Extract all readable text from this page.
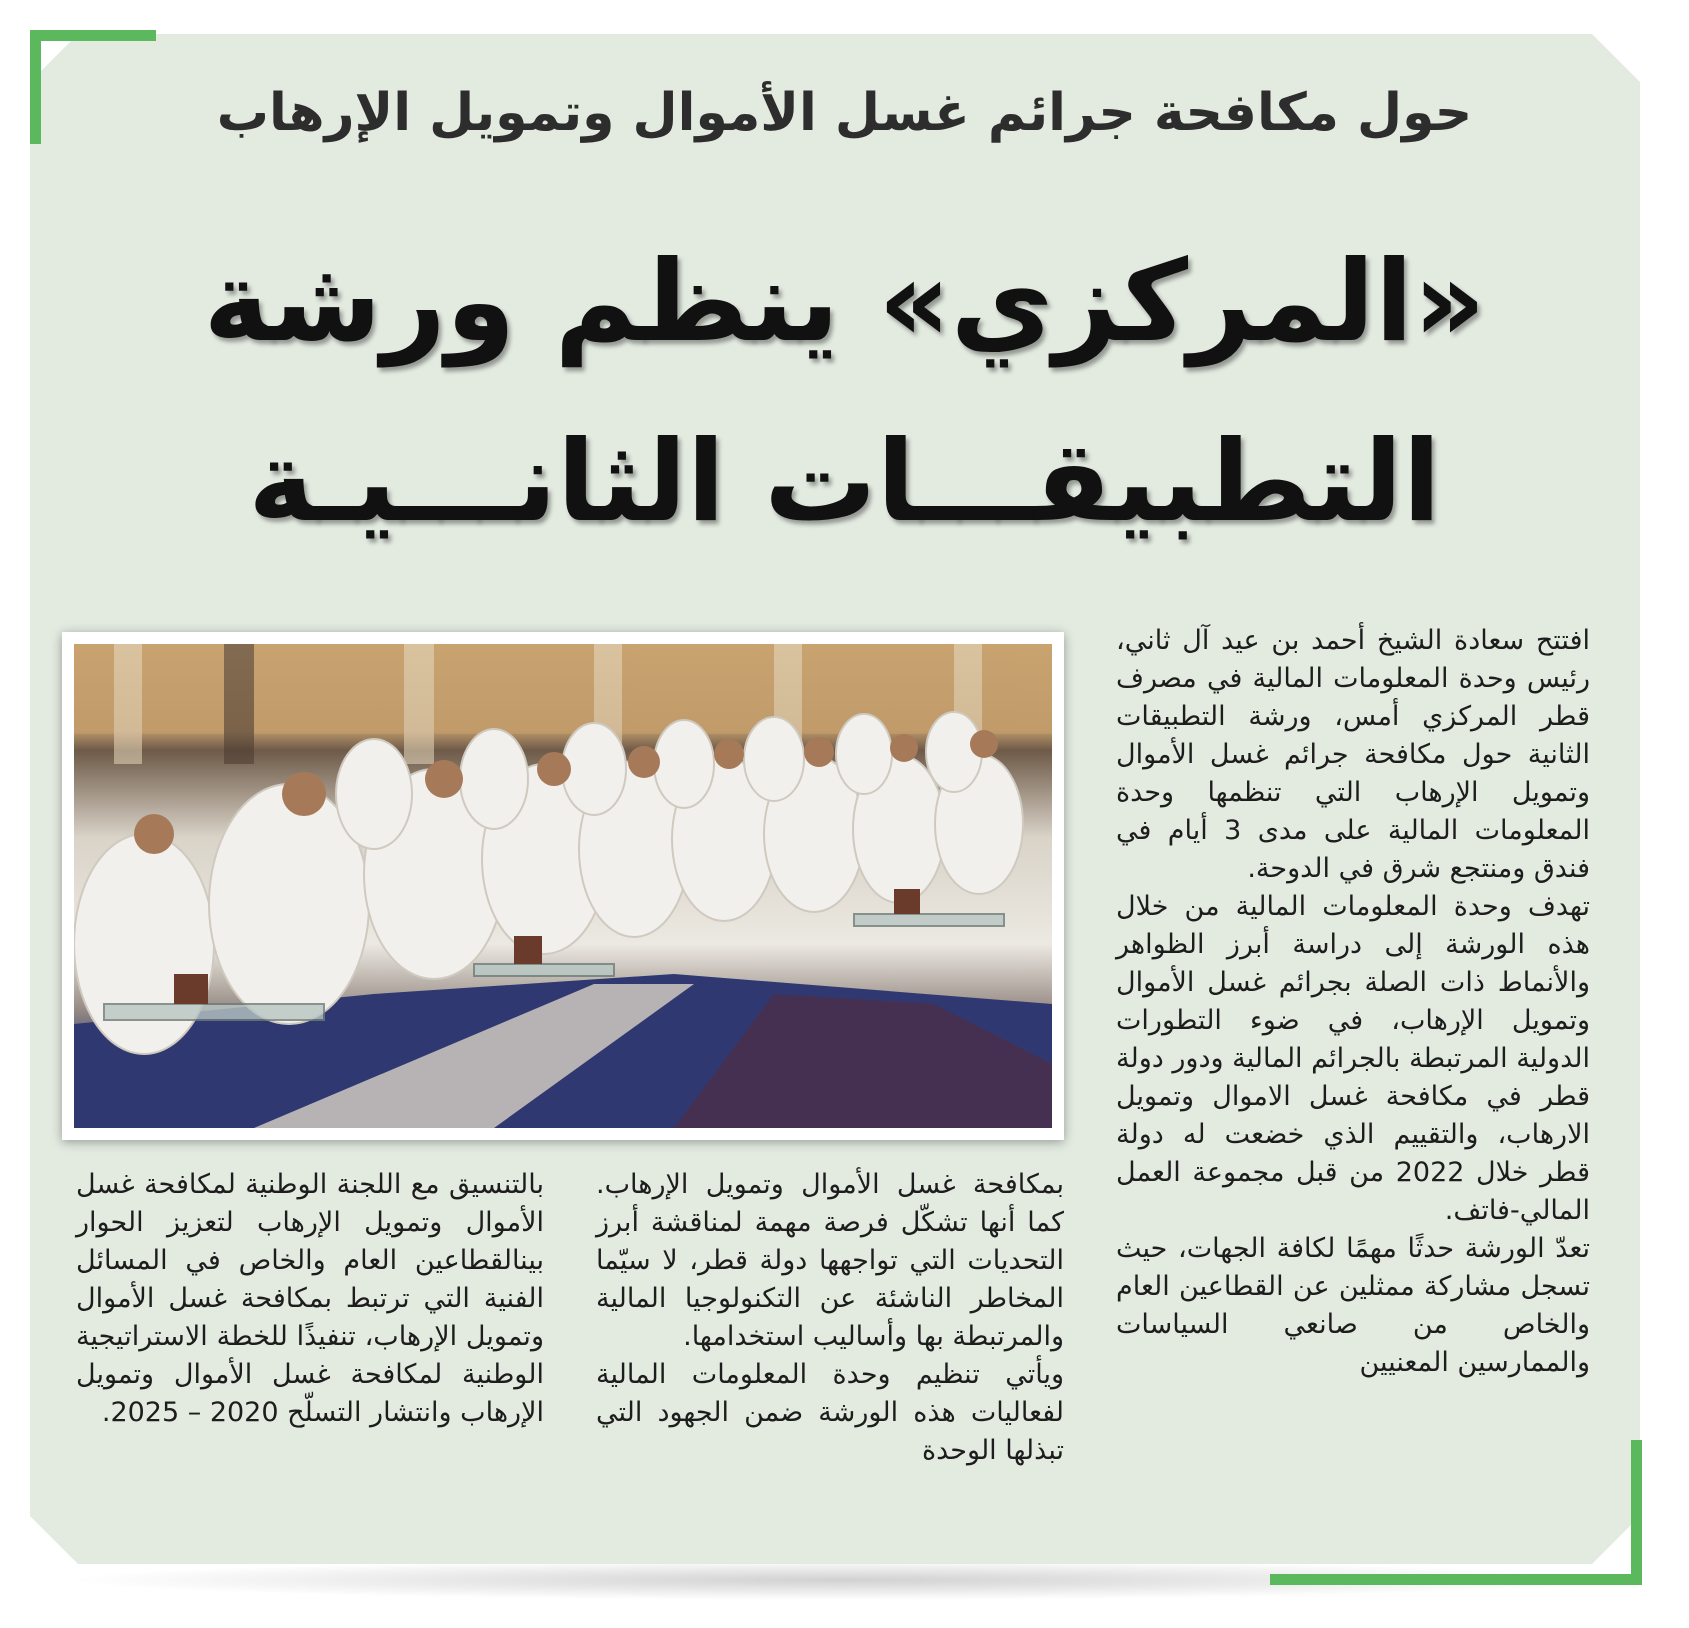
حول مكافحة جرائم غسل الأموال وتمويل الإرهاب
«المركزي» ينظم ورشة
التطبيقـــات الثانـــيـة
افتتح سعادة الشيخ أحمد بن عيد آل ثاني، رئيس وحدة المعلومات المالية في مصرف قطر المركزي أمس، ورشة التطبيقات الثانية حول مكافحة جرائم غسل الأموال وتمويل الإرهاب التي تنظمها وحدة المعلومات المالية على مدى 3 أيام في فندق ومنتجع شرق في الدوحة.
تهدف وحدة المعلومات المالية من خلال هذه الورشة إلى دراسة أبرز الظواهر والأنماط ذات الصلة بجرائم غسل الأموال وتمويل الإرهاب، في ضوء التطورات الدولية المرتبطة بالجرائم المالية ودور دولة قطر في مكافحة غسل الاموال وتمويل الارهاب، والتقييم الذي خضعت له دولة قطر خلال 2022 من قبل مجموعة العمل المالي-فاتف.
تعدّ الورشة حدثًا مهمًا لكافة الجهات، حيث تسجل مشاركة ممثلين عن القطاعين العام والخاص من صانعي السياسات والممارسين المعنيين
بمكافحة غسل الأموال وتمويل الإرهاب. كما أنها تشكّل فرصة مهمة لمناقشة أبرز التحديات التي تواجهها دولة قطر، لا سيّما المخاطر الناشئة عن التكنولوجيا المالية والمرتبطة بها وأساليب استخدامها.
ويأتي تنظيم وحدة المعلومات المالية لفعاليات هذه الورشة ضمن الجهود التي تبذلها الوحدة
بالتنسيق مع اللجنة الوطنية لمكافحة غسل الأموال وتمويل الإرهاب لتعزيز الحوار بينالقطاعين العام والخاص في المسائل الفنية التي ترتبط بمكافحة غسل الأموال وتمويل الإرهاب، تنفيذًا للخطة الاستراتيجية الوطنية لمكافحة غسل الأموال وتمويل الإرهاب وانتشار التسلّح 2020 – 2025.
